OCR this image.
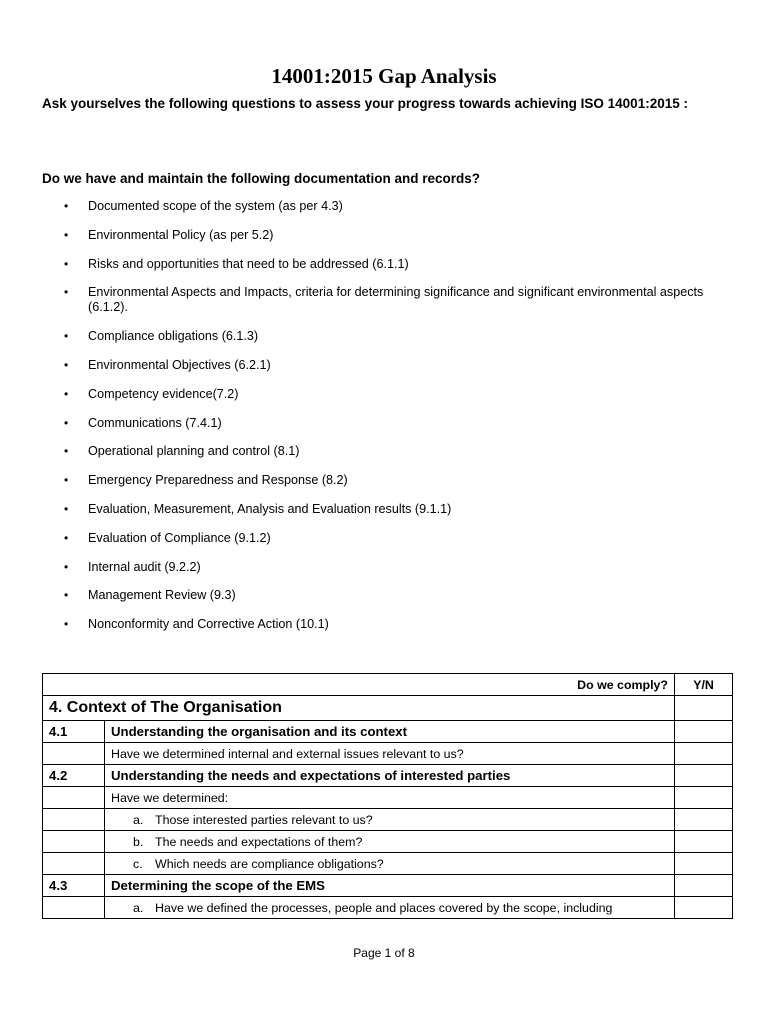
14001:2015 Gap Analysis
Ask yourselves the following questions to assess your progress towards achieving ISO 14001:2015 :
Do we have and maintain the following documentation and records?
• Documented scope of the system (as per 4.3)
• Environmental Policy (as per 5.2)
• Risks and opportunities that need to be addressed (6.1.1)
• Environmental Aspects and Impacts, criteria for determining significance and significant environmental aspects (6.1.2).
• Compliance obligations (6.1.3)
• Environmental Objectives (6.2.1)
• Competency evidence(7.2)
• Communications (7.4.1)
• Operational planning and control (8.1)
• Emergency Preparedness and Response (8.2)
• Evaluation, Measurement, Analysis and Evaluation results (9.1.1)
• Evaluation of Compliance (9.1.2)
• Internal audit (9.2.2)
• Management Review (9.3)
• Nonconformity and Corrective Action (10.1)
Do we comply?		Y/N
4. Context of The Organisation		
4.1	Understanding the organisation and its context	
	Have we determined internal and external issues relevant to us?	
4.2	Understanding the needs and expectations of interested parties	
	Have we determined:	
	a. Those interested parties relevant to us?	
	b. The needs and expectations of them?	
	c. Which needs are compliance obligations?	
4.3	Determining the scope of the EMS	
	a. Have we defined the processes, people and places covered by the scope, including	
Page 1 of 8
